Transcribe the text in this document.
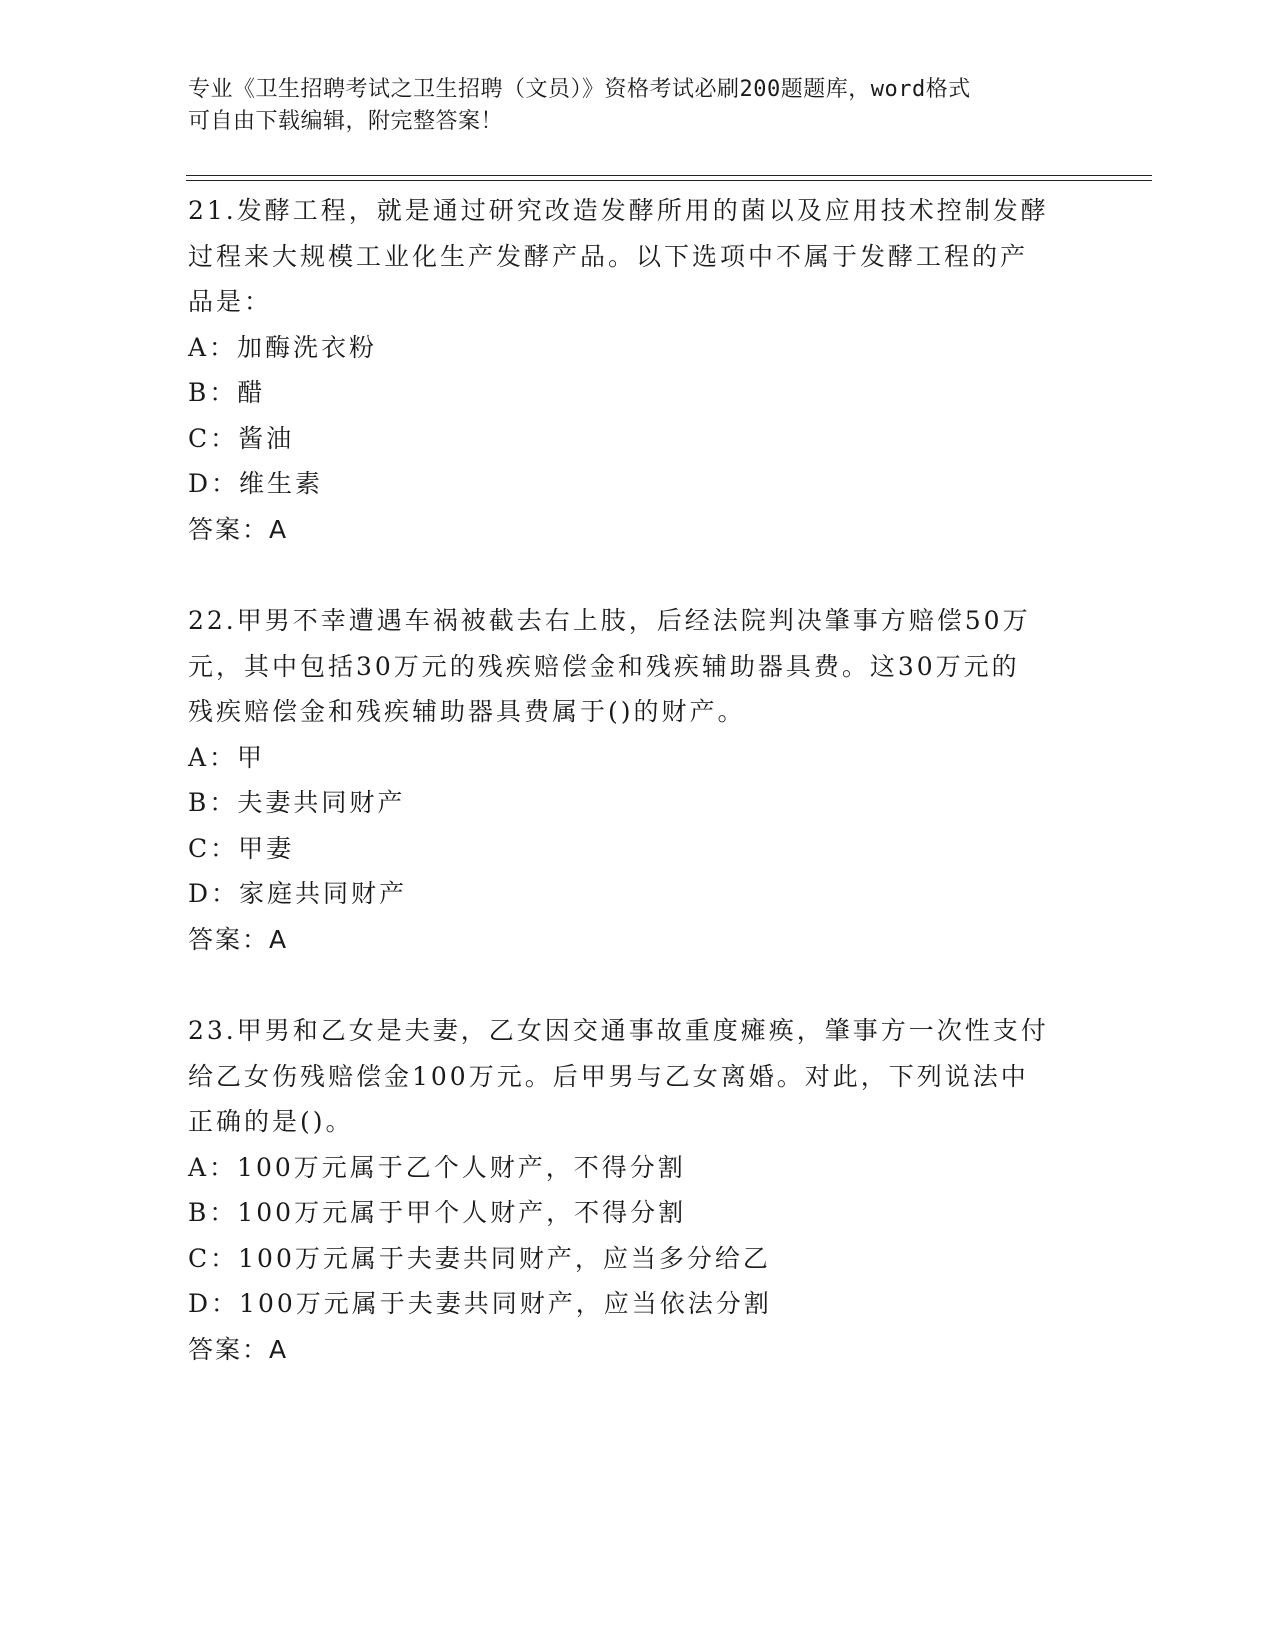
专业《卫生招聘考试之卫生招聘（文员）》资格考试必刷200题题库，word格式
可自由下载编辑，附完整答案！
21.发酵工程，就是通过研究改造发酵所用的菌以及应用技术控制发酵
过程来大规模工业化生产发酵产品。以下选项中不属于发酵工程的产
品是：
A：加酶洗衣粉
B：醋
C：酱油
D：维生素
答案：A
22.甲男不幸遭遇车祸被截去右上肢，后经法院判决肇事方赔偿50万
元，其中包括30万元的残疾赔偿金和残疾辅助器具费。这30万元的
残疾赔偿金和残疾辅助器具费属于()的财产。
A：甲
B：夫妻共同财产
C：甲妻
D：家庭共同财产
答案：A
23.甲男和乙女是夫妻，乙女因交通事故重度瘫痪，肇事方一次性支付
给乙女伤残赔偿金100万元。后甲男与乙女离婚。对此，下列说法中
正确的是()。
A：100万元属于乙个人财产，不得分割
B：100万元属于甲个人财产，不得分割
C：100万元属于夫妻共同财产，应当多分给乙
D：100万元属于夫妻共同财产，应当依法分割
答案：A
